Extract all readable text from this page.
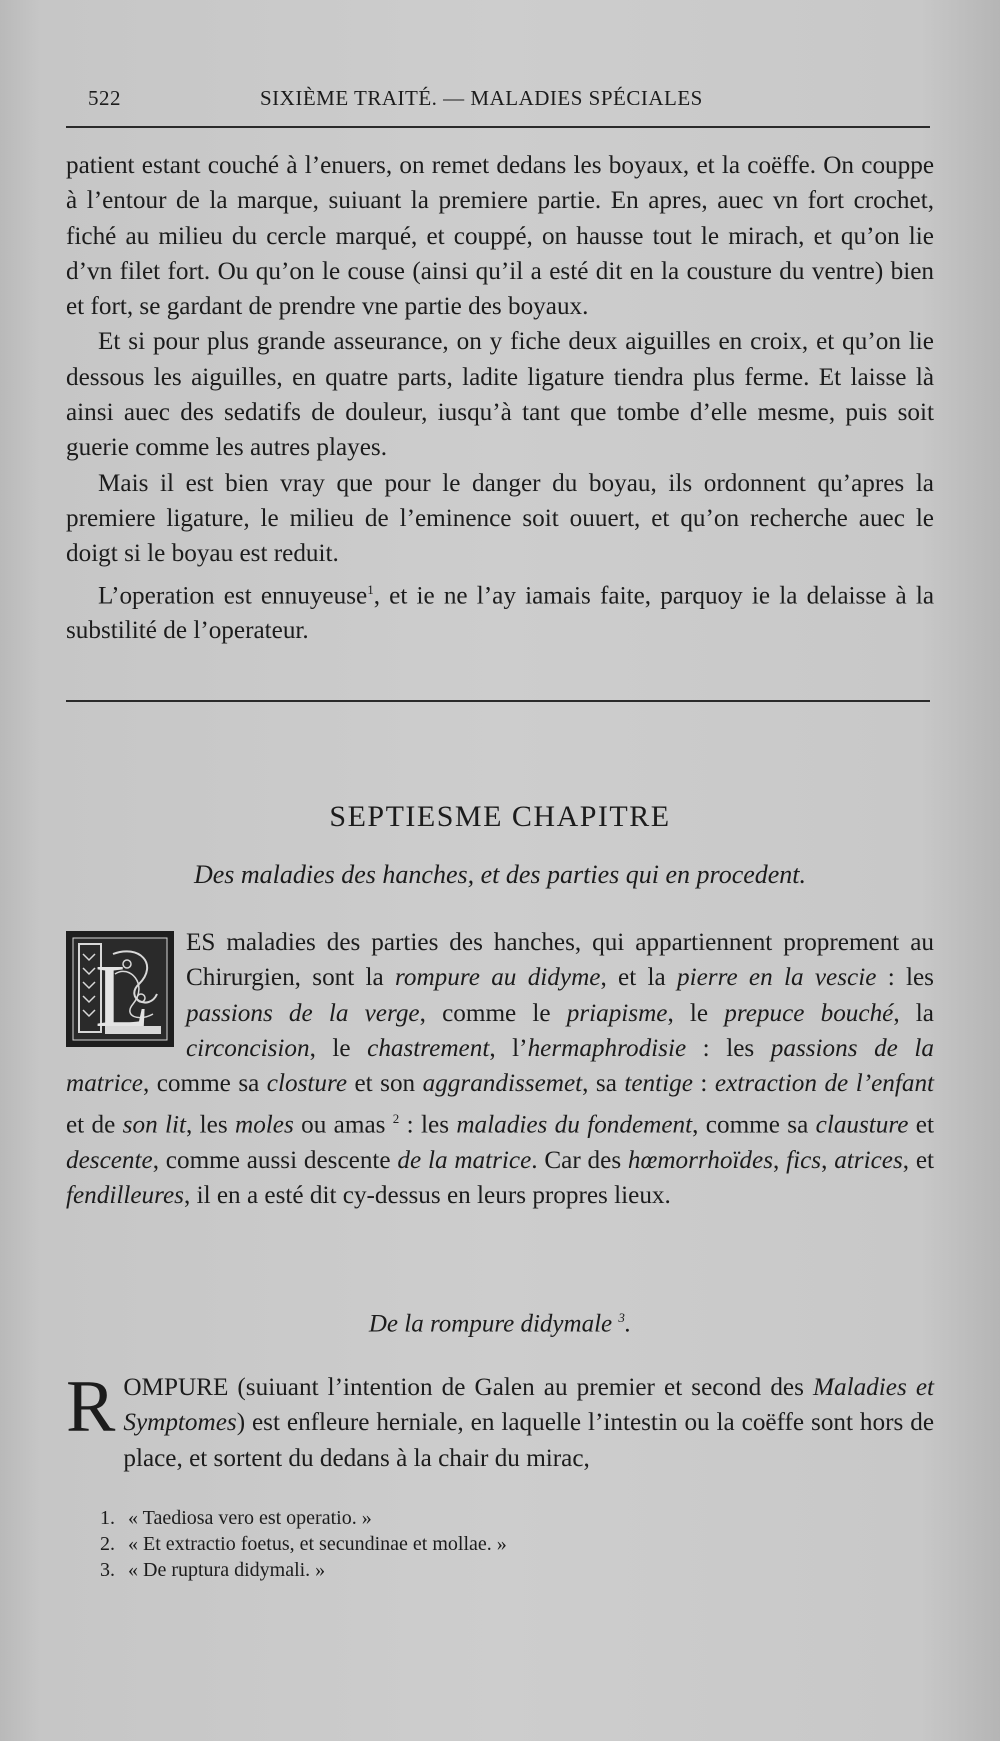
522	SIXIÈME TRAITÉ. — MALADIES SPÉCIALES

patient estant couché à l’enuers, on remet dedans les boyaux, et la coëffe. On couppe à l’entour de la marque, suiuant la premiere partie. En apres, auec vn fort crochet, fiché au milieu du cercle marqué, et couppé, on hausse tout le mirach, et qu’on lie d’vn filet fort. Ou qu’on le couse (ainsi qu’il a esté dit en la cousture du ventre) bien et fort, se gardant de prendre vne partie des boyaux.

Et si pour plus grande asseurance, on y fiche deux aiguilles en croix, et qu’on lie dessous les aiguilles, en quatre parts, ladite ligature tiendra plus ferme. Et laisse là ainsi auec des sedatifs de douleur, iusqu’à tant que tombe d’elle mesme, puis soit guerie comme les autres playes.

Mais il est bien vray que pour le danger du boyau, ils ordonnent qu’apres la premiere ligature, le milieu de l’eminence soit ouuert, et qu’on recherche auec le doigt si le boyau est reduit.

L’operation est ennuyeuse$^1$, et ie ne l’ay iamais faite, parquoy ie la delaisse à la substilité de l’operateur.

SEPTIESME CHAPITRE
Des maladies des hanches, et des parties qui en procedent.
L

ES maladies des parties des hanches, qui appartiennent proprement au Chirurgien, sont la rompure au didyme, et la pierre en la vescie : les passions de la verge, comme le priapisme, le prepuce bouché, la circoncision, le chastrement, l’hermaphrodisie : les passions de la matrice, comme sa closture et son aggrandissemet, sa tentige : extraction de l’enfant et de son lit, les moles ou amas $^2$ : les maladies du fondement, comme sa clausture et descente, comme aussi descente de la matrice. Car des hœmorrhoïdes, fics, atrices, et fendilleures, il en a esté dit cy-dessus en leurs propres lieux.

De la rompure didymale $^3$.
R OMPURE (suiuant l’intention de Galen au premier et second des Maladies et Symptomes) est enfleure herniale, en laquelle l’intestin ou la coëffe sont hors de place, et sortent du dedans à la chair du mirac,

1. « Taediosa vero est operatio. »
2. « Et extractio foetus, et secundinae et mollae. »
3. « De ruptura didymali. »
